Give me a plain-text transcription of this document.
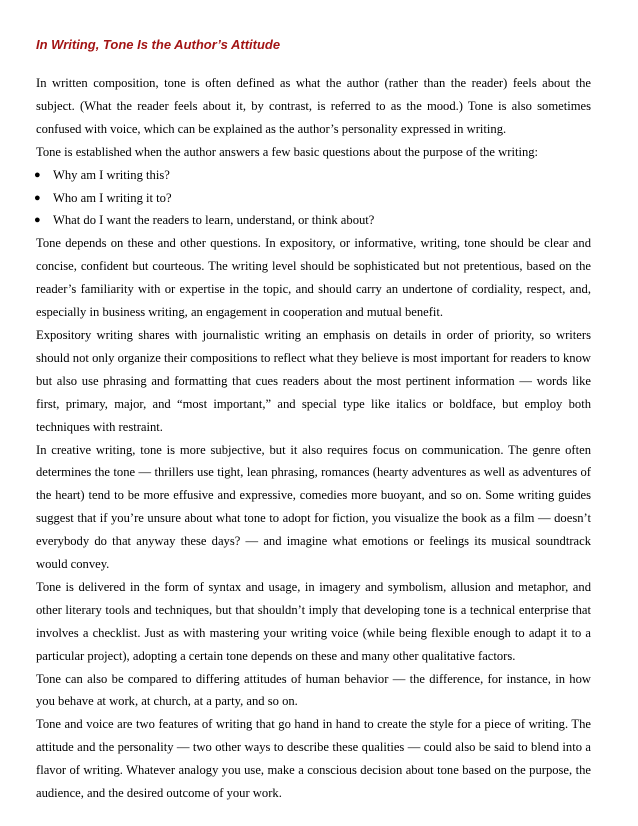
In Writing, Tone Is the Author’s Attitude

In written composition, tone is often defined as what the author (rather than the reader) feels about the subject. (What the reader feels about it, by contrast, is referred to as the mood.) Tone is also sometimes confused with voice, which can be explained as the author’s personality expressed in writing.

Tone is established when the author answers a few basic questions about the purpose of the writing:

● Why am I writing this?
● Who am I writing it to?
● What do I want the readers to learn, understand, or think about?

Tone depends on these and other questions. In expository, or informative, writing, tone should be clear and concise, confident but courteous. The writing level should be sophisticated but not pretentious, based on the reader’s familiarity with or expertise in the topic, and should carry an undertone of cordiality, respect, and, especially in business writing, an engagement in cooperation and mutual benefit.

Expository writing shares with journalistic writing an emphasis on details in order of priority, so writers should not only organize their compositions to reflect what they believe is most important for readers to know but also use phrasing and formatting that cues readers about the most pertinent information — words like first, primary, major, and “most important,” and special type like italics or boldface, but employ both techniques with restraint.

In creative writing, tone is more subjective, but it also requires focus on communication. The genre often determines the tone — thrillers use tight, lean phrasing, romances (hearty adventures as well as adventures of the heart) tend to be more effusive and expressive, comedies more buoyant, and so on. Some writing guides suggest that if you’re unsure about what tone to adopt for fiction, you visualize the book as a film — doesn’t everybody do that anyway these days? — and imagine what emotions or feelings its musical soundtrack would convey.

Tone is delivered in the form of syntax and usage, in imagery and symbolism, allusion and metaphor, and other literary tools and techniques, but that shouldn’t imply that developing tone is a technical enterprise that involves a checklist. Just as with mastering your writing voice (while being flexible enough to adapt it to a particular project), adopting a certain tone depends on these and many other qualitative factors.

Tone can also be compared to differing attitudes of human behavior — the difference, for instance, in how you behave at work, at church, at a party, and so on.

Tone and voice are two features of writing that go hand in hand to create the style for a piece of writing. The attitude and the personality — two other ways to describe these qualities — could also be said to blend into a flavor of writing. Whatever analogy you use, make a conscious decision about tone based on the purpose, the audience, and the desired outcome of your work.
